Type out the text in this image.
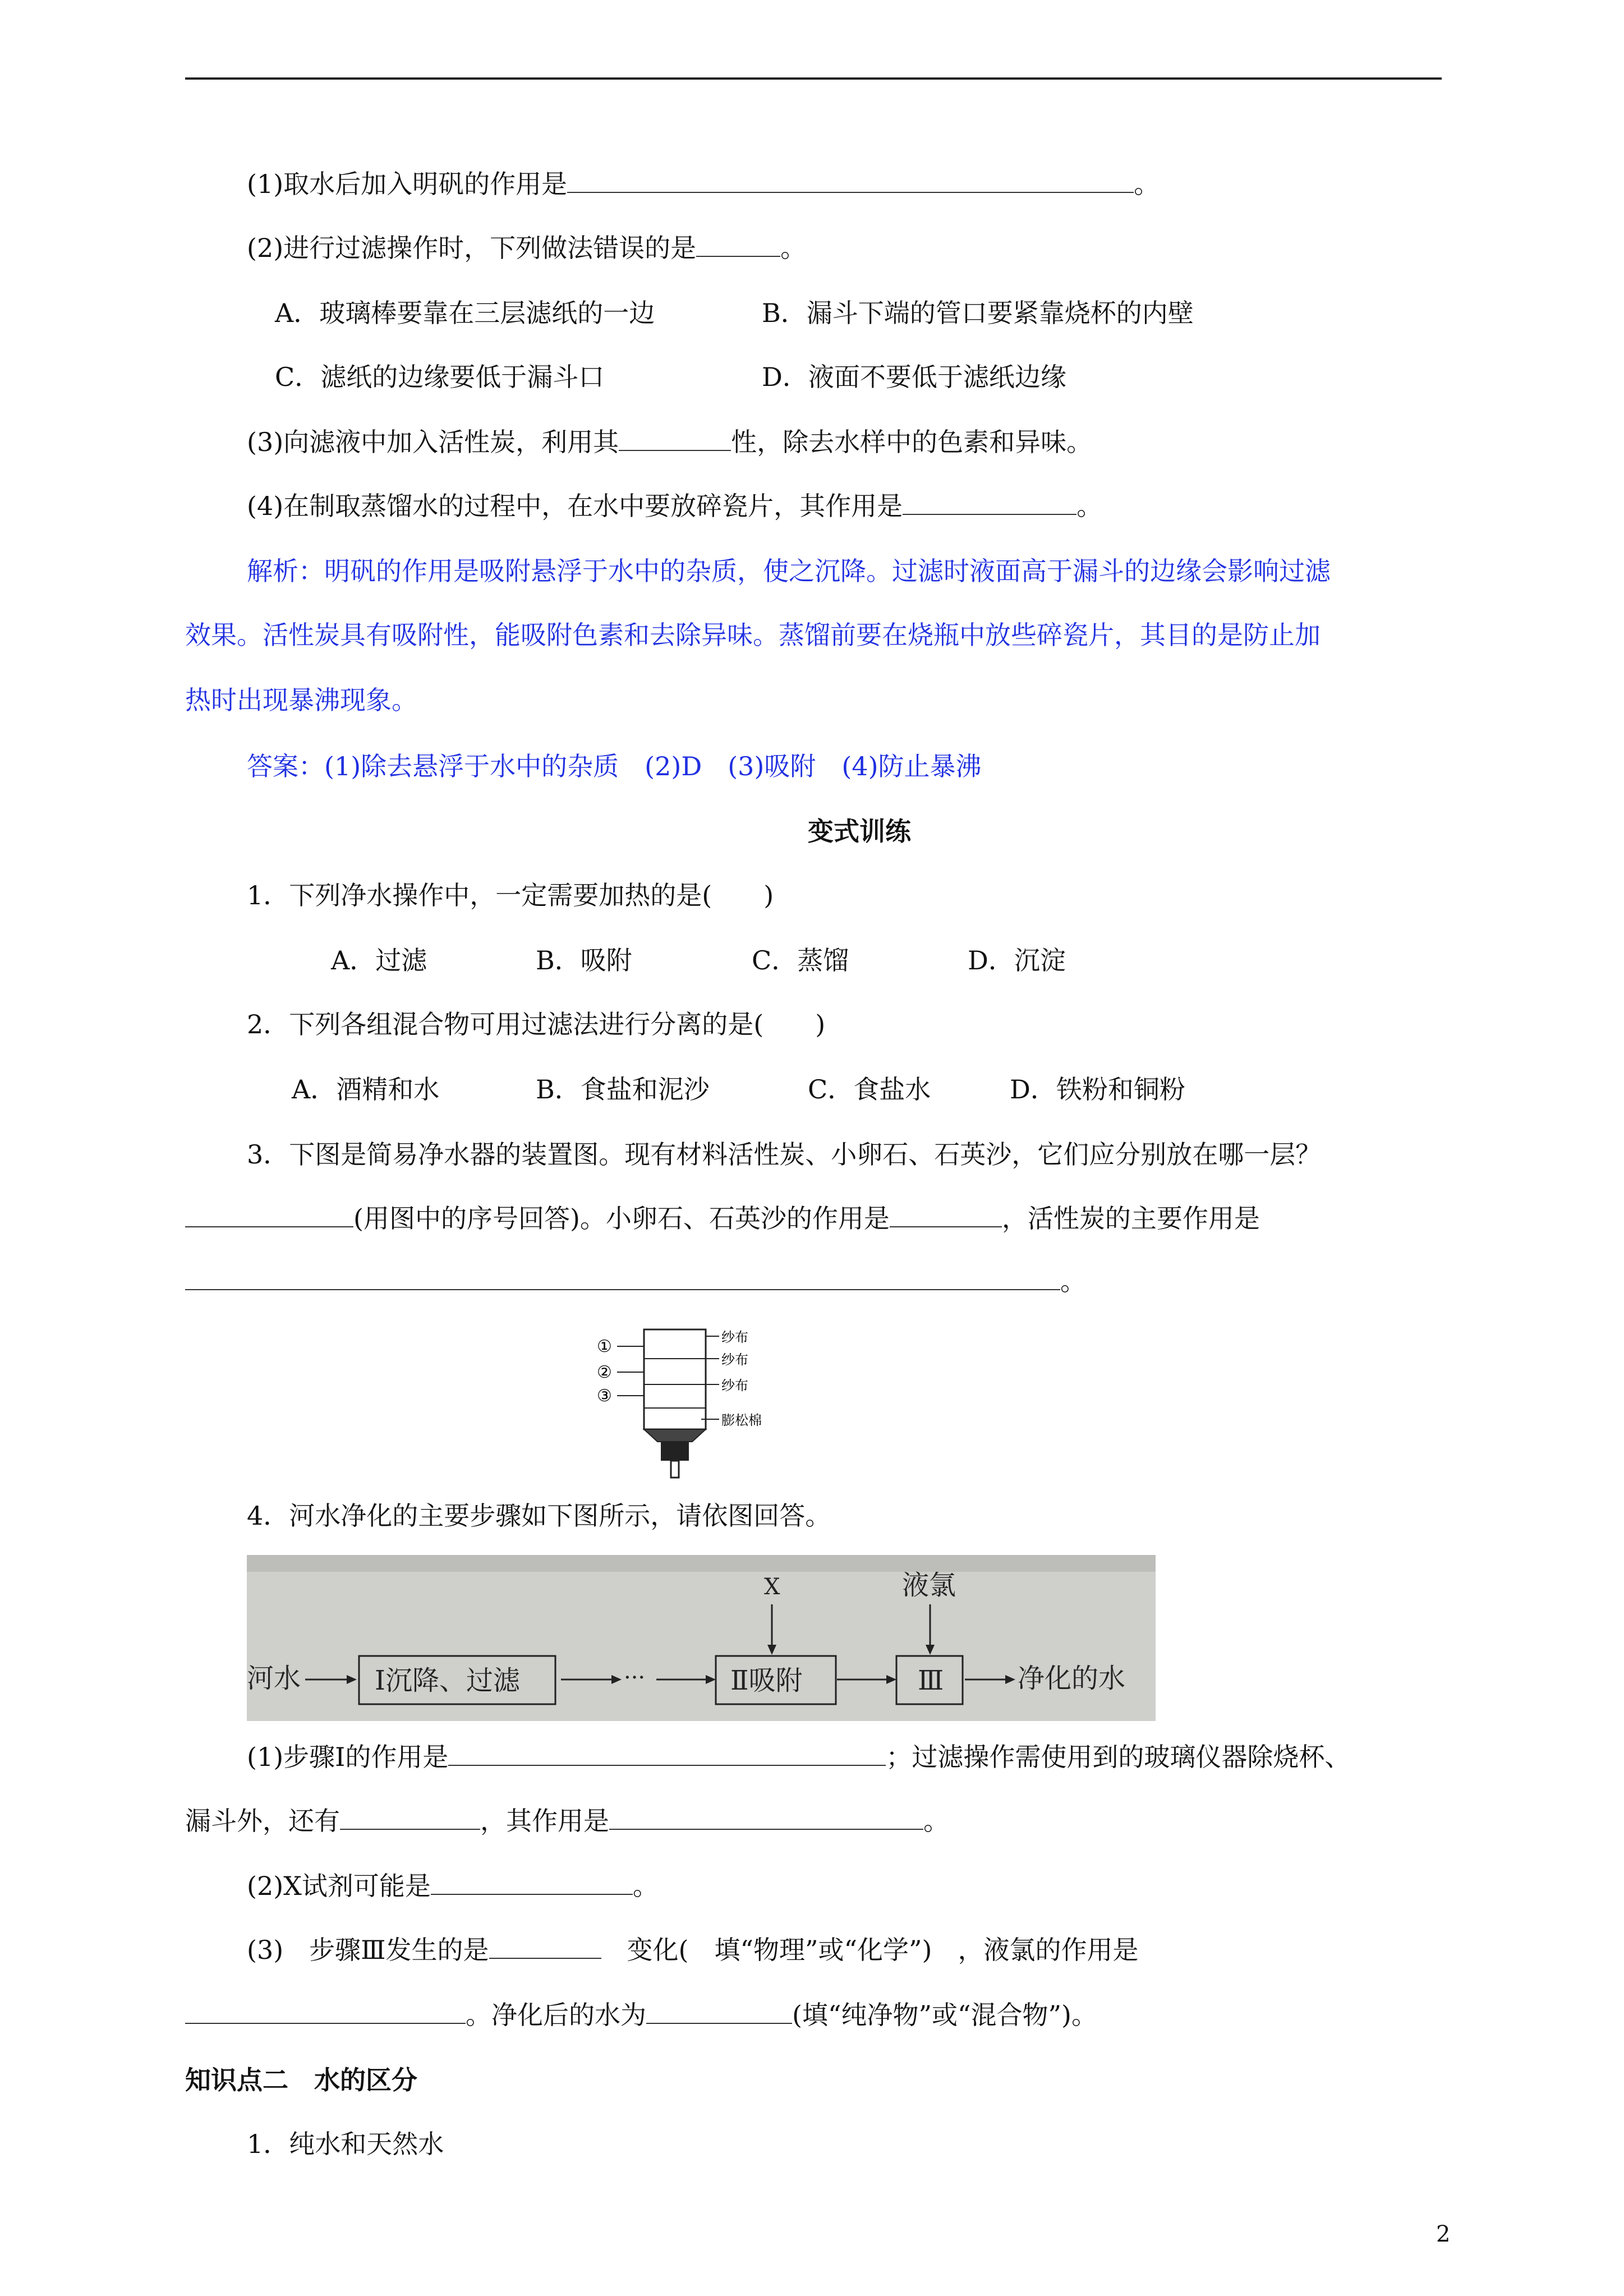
(1)取水后加入明矾的作用是	。
(2)进行过滤操作时，下列做法错误的是	。
A．玻璃棒要靠在三层滤纸的一边	B．漏斗下端的管口要紧靠烧杯的内壁
C．滤纸的边缘要低于漏斗口	D．液面不要低于滤纸边缘
(3)向滤液中加入活性炭，利用其	性，除去水样中的色素和异味。
(4)在制取蒸馏水的过程中，在水中要放碎瓷片，其作用是	。
解析：明矾的作用是吸附悬浮于水中的杂质，使之沉降。过滤时液面高于漏斗的边缘会影响过滤
效果。活性炭具有吸附性，能吸附色素和去除异味。蒸馏前要在烧瓶中放些碎瓷片，其目的是防止加
热时出现暴沸现象。
答案：(1)除去悬浮于水中的杂质　(2)D　(3)吸附　(4)防止暴沸
变式训练
1．下列净水操作中，一定需要加热的是(　　)
A．过滤	B．吸附	C．蒸馏	D．沉淀
2．下列各组混合物可用过滤法进行分离的是(　　)
A．酒精和水	B．食盐和泥沙	C．食盐水	D．铁粉和铜粉
3．下图是简易净水器的装置图。现有材料活性炭、小卵石、石英沙，它们应分别放在哪一层？
(用图中的序号回答)。小卵石、石英沙的作用是	，活性炭的主要作用是
。
①
②
③
纱布
纱布
纱布
膨松棉
4．河水净化的主要步骤如下图所示，请依图回答。
河水	Ⅰ沉降、过滤	···	Ⅱ吸附
X
Ⅲ
液氯
净化的水
(1)步骤Ⅰ的作用是	；过滤操作需使用到的玻璃仪器除烧杯、
漏斗外，还有	，其作用是	。
(2)X试剂可能是	。
(3)　步骤Ⅲ发生的是	　变化(　填“物理”或“化学”)　，液氯的作用是
。净化后的水为	(填“纯净物”或“混合物”)。
知识点二　水的区分
1．纯水和天然水
2
